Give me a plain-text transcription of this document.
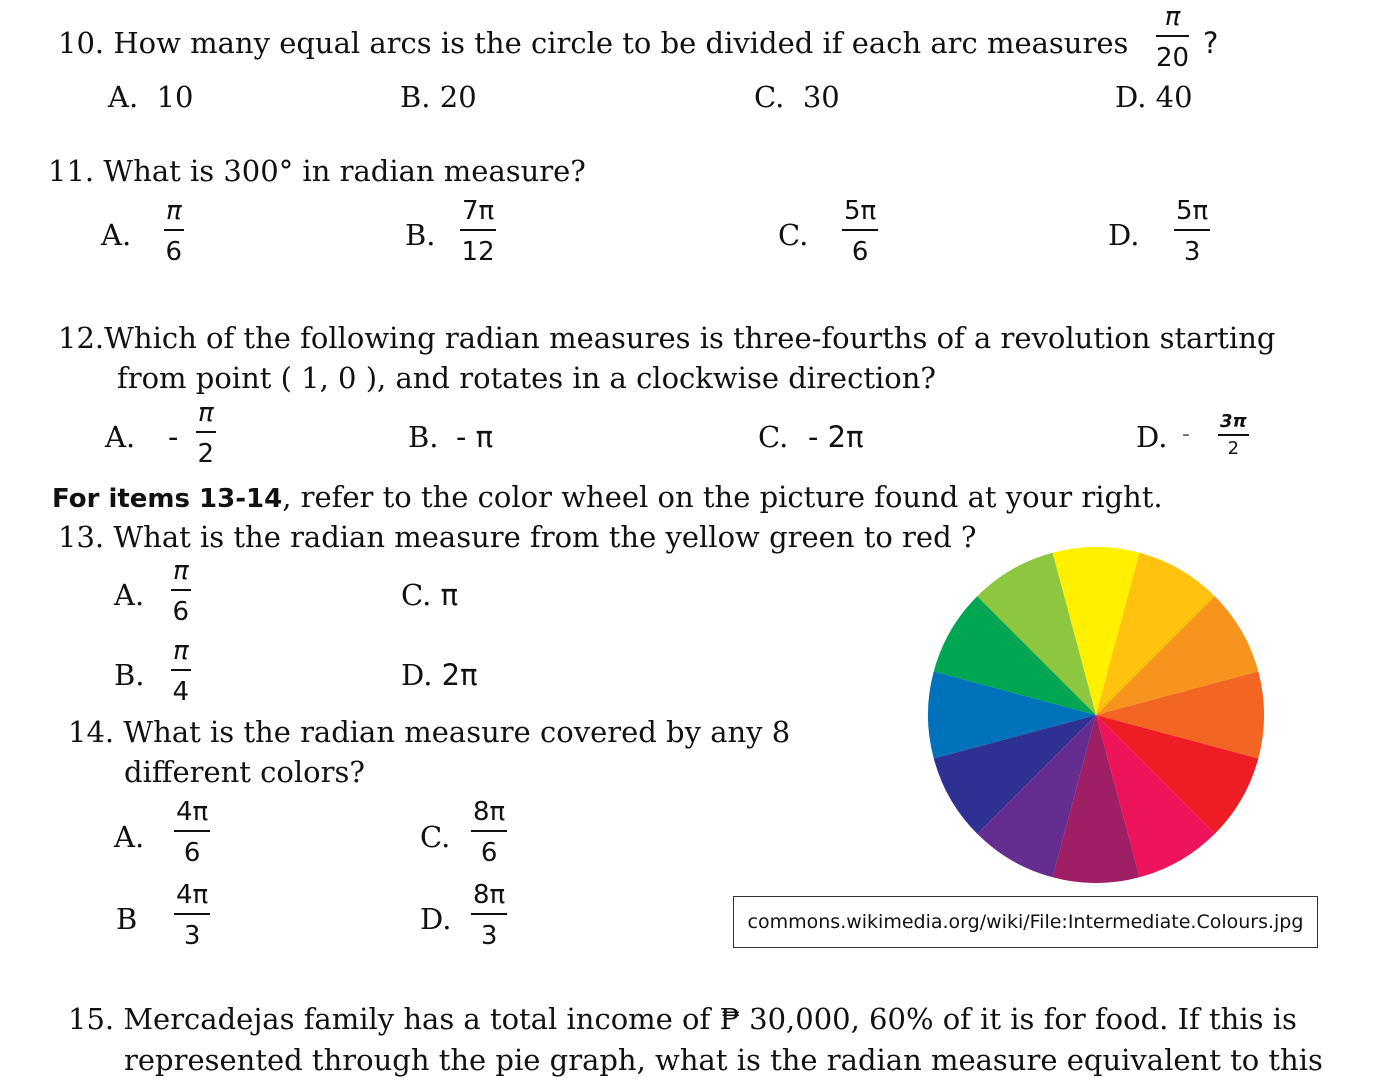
10. How many equal arcs is the circle to be divided if each arc measures
π
20 ?
A. 10	B. 20	C. 30	D. 40
11. What is 300° in radian measure?
A.
π
6	B.
7π
12	C.
5π
6	D.
5π
3
12.Which of the following radian measures is three-fourths of a revolution starting
from point ( 1, 0 ), and rotates in a clockwise direction?
A. -
π
2	B. - π	C. - 2π	D. -
3π
2
For items 13-14, refer to the color wheel on the picture found at your right.
13. What is the radian measure from the yellow green to red ?
A.
π
6	C. π
B.
π
4	D. 2π
14. What is the radian measure covered by any 8
different colors?
A.
4π
6	C.
8π
6
B
4π
3	D.
8π
3	commons.wikimedia.org/wiki/File:Intermediate.Colours.jpg
15. Mercadejas family has a total income of ₱ 30,000, 60% of it is for food. If this is
represented through the pie graph, what is the radian measure equivalent to this
